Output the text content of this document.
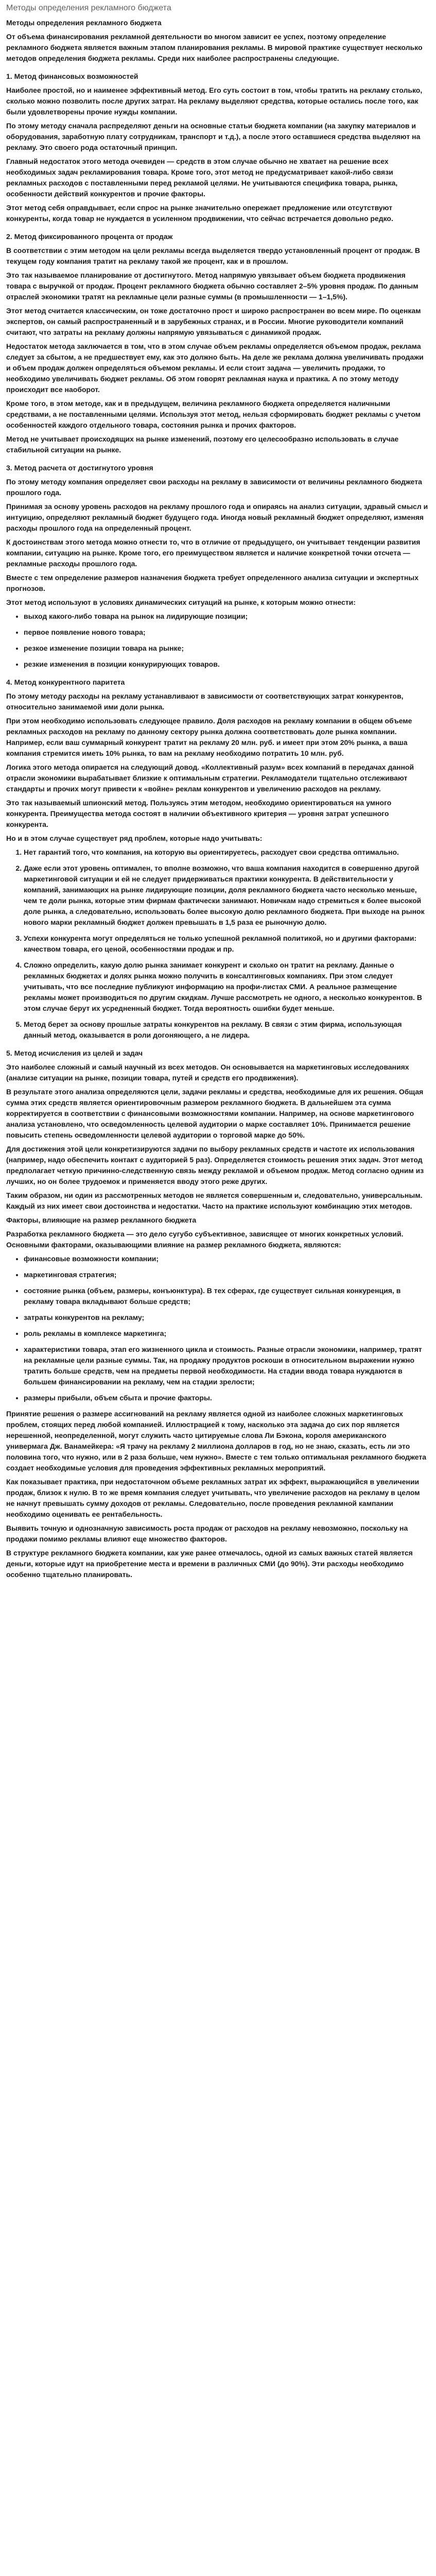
Методы определения рекламного бюджета
Методы определения рекламного бюджета
От объема финансирования рекламной деятельности во многом зависит ее успех, поэтому определение рекламного бюджета является важным этапом планирования рекламы. В мировой практике существует несколько методов определения бюджета рекламы. Среди них наиболее распространены следующие.
1. Метод финансовых возможностей
Наиболее простой, но и наименее эффективный метод. Его суть состоит в том, чтобы тратить на рекламу столько, сколько можно позволить после других затрат. На рекламу выделяют средства, которые остались после того, как были удовлетворены прочие нужды компании.
По этому методу сначала распределяют деньги на основные статьи бюджета компании (на закупку материалов и оборудования, заработную плату сотрудникам, транспорт и т.д.), а после этого оставшиеся средства выделяют на рекламу. Это своего рода остаточный принцип.
Главный недостаток этого метода очевиден — средств в этом случае обычно не хватает на решение всех необходимых задач рекламирования товара. Кроме того, этот метод не предусматривает какой-либо связи рекламных расходов с поставленными перед рекламой целями. Не учитываются специфика товара, рынка, особенности действий конкурентов и прочие факторы.
Этот метод себя оправдывает, если спрос на рынке значительно опережает предложение или отсутствуют конкуренты, когда товар не нуждается в усиленном продвижении, что сейчас встречается довольно редко.
2. Метод фиксированного процента от продаж
В соответствии с этим методом на цели рекламы всегда выделяется твердо установленный процент от продаж. В текущем году компания тратит на рекламу такой же процент, как и в прошлом.
Это так называемое планирование от достигнутого. Метод напрямую увязывает объем бюджета продвижения товара с выручкой от продаж. Процент рекламного бюджета обычно составляет 2–5% уровня продаж. По данным отраслей экономики тратят на рекламные цели разные суммы (в промышленности — 1–1,5%).
Этот метод считается классическим, он тоже достаточно прост и широко распространен во всем мире. По оценкам экспертов, он самый распространенный и в зарубежных странах, и в России. Многие руководители компаний считают, что затраты на рекламу должны напрямую увязываться с динамикой продаж.
Недостаток метода заключается в том, что в этом случае объем рекламы определяется объемом продаж, реклама следует за сбытом, а не предшествует ему, как это должно быть. На деле же реклама должна увеличивать продажи и объем продаж должен определяться объемом рекламы. И если стоит задача — увеличить продажи, то необходимо увеличивать бюджет рекламы. Об этом говорят рекламная наука и практика. А по этому методу происходит все наоборот.
Кроме того, в этом методе, как и в предыдущем, величина рекламного бюджета определяется наличными средствами, а не поставленными целями. Используя этот метод, нельзя сформировать бюджет рекламы с учетом особенностей каждого отдельного товара, состояния рынка и прочих факторов.
Метод не учитывает происходящих на рынке изменений, поэтому его целесообразно использовать в случае стабильной ситуации на рынке.
3. Метод расчета от достигнутого уровня
По этому методу компания определяет свои расходы на рекламу в зависимости от величины рекламного бюджета прошлого года.
Принимая за основу уровень расходов на рекламу прошлого года и опираясь на анализ ситуации, здравый смысл и интуицию, определяют рекламный бюджет будущего года. Иногда новый рекламный бюджет определяют, изменяя расходы прошлого года на определенный процент.
К достоинствам этого метода можно отнести то, что в отличие от предыдущего, он учитывает тенденции развития компании, ситуацию на рынке. Кроме того, его преимуществом является и наличие конкретной точки отсчета — рекламные расходы прошлого года.
Вместе с тем определение размеров назначения бюджета требует определенного анализа ситуации и экспертных прогнозов.
Этот метод используют в условиях динамических ситуаций на рынке, к которым можно отнести:
• выход какого-либо товара на рынок на лидирующие позиции;
• первое появление нового товара;
• резкое изменение позиции товара на рынке;
• резкие изменения в позиции конкурирующих товаров.
4. Метод конкурентного паритета
По этому методу расходы на рекламу устанавливают в зависимости от соответствующих затрат конкурентов, относительно занимаемой ими доли рынка.
При этом необходимо использовать следующее правило. Доля расходов на рекламу компании в общем объеме рекламных расходов на рекламу по данному сектору рынка должна соответствовать доле рынка компании. Например, если ваш суммарный конкурент тратит на рекламу 20 млн. руб. и имеет при этом 20% рынка, а ваша компания стремится иметь 10% рынка, то вам на рекламу необходимо потратить 10 млн. руб.
Логика этого метода опирается на следующий довод. «Коллективный разум» всех компаний в передачах данной отрасли экономики вырабатывает близкие к оптимальным стратегии. Рекламодатели тщательно отслеживают стандарты и прочих могут привести к «войне» реклам конкурентов и увеличению расходов на рекламу.
Это так называемый шпионский метод. Пользуясь этим методом, необходимо ориентироваться на умного конкурента. Преимущества метода состоят в наличии объективного критерия — уровня затрат успешного конкурента.
Но и в этом случае существует ряд проблем, которые надо учитывать:
1. Нет гарантий того, что компания, на которую вы ориентируетесь, расходует свои средства оптимально.
2. Даже если этот уровень оптимален, то вполне возможно, что ваша компания находится в совершенно другой маркетинговой ситуации и ей не следует придерживаться практики конкурента. В действительности у компаний, занимающих на рынке лидирующие позиции, доля рекламного бюджета часто несколько меньше, чем те доли рынка, которые этим фирмам фактически занимают. Новичкам надо стремиться к более высокой доле рынка, а следовательно, использовать более высокую долю рекламного бюджета. При выходе на рынок нового марки рекламный бюджет должен превышать в 1,5 раза ее рыночную долю.
3. Успехи конкурента могут определяться не только успешной рекламной политикой, но и другими факторами: качеством товара, его ценой, особенностями продаж и пр.
4. Сложно определить, какую долю рынка занимает конкурент и сколько он тратит на рекламу. Данные о рекламных бюджетах и долях рынка можно получить в консалтинговых компаниях. При этом следует учитывать, что все последние публикуют информацию на профи-листах СМИ. А реальное размещение рекламы может производиться по другим скидкам. Лучше рассмотреть не одного, а несколько конкурентов. В этом случае берут их усредненный бюджет. Тогда вероятность ошибки будет меньше.
5. Метод берет за основу прошлые затраты конкурентов на рекламу. В связи с этим фирма, использующая данный метод, оказывается в роли догоняющего, а не лидера.
5. Метод исчисления из целей и задач
Это наиболее сложный и самый научный из всех методов. Он основывается на маркетинговых исследованиях (анализе ситуации на рынке, позиции товара, путей и средств его продвижения).
В результате этого анализа определяются цели, задачи рекламы и средства, необходимые для их решения. Общая сумма этих средств является ориентировочным размером рекламного бюджета. В дальнейшем эта сумма корректируется в соответствии с финансовыми возможностями компании. Например, на основе маркетингового анализа установлено, что осведомленность целевой аудитории о марке составляет 10%. Принимается решение повысить степень осведомленности целевой аудитории о торговой марке до 50%.
Для достижения этой цели конкретизируются задачи по выбору рекламных средств и частоте их использования (например, надо обеспечить контакт с аудиторией 5 раз). Определяется стоимость решения этих задач. Этот метод предполагает четкую причинно-следственную связь между рекламой и объемом продаж. Метод согласно одним из лучших, но он более трудоемок и применяется вводу этого реже других.
Таким образом, ни один из рассмотренных методов не является совершенным и, следовательно, универсальным. Каждый из них имеет свои достоинства и недостатки. Часто на практике используют комбинацию этих методов.
Факторы, влияющие на размер рекламного бюджета
Разработка рекламного бюджета — это дело сугубо субъективное, зависящее от многих конкретных условий. Основными факторами, оказывающими влияние на размер рекламного бюджета, являются:
• финансовые возможности компании;
• маркетинговая стратегия;
• состояние рынка (объем, размеры, конъюнктура). В тех сферах, где существует сильная конкуренция, в рекламу товара вкладывают больше средств;
• затраты конкурентов на рекламу;
• роль рекламы в комплексе маркетинга;
• характеристики товара, этап его жизненного цикла и стоимость. Разные отрасли экономики, например, тратят на рекламные цели разные суммы. Так, на продажу продуктов роскоши в относительном выражении нужно тратить больше средств, чем на предметы первой необходимости. На стадии ввода товара нуждаются в большем финансировании на рекламу, чем на стадии зрелости;
• размеры прибыли, объем сбыта и прочие факторы.
Принятие решения о размере ассигнований на рекламу является одной из наиболее сложных маркетинговых проблем, стоящих перед любой компанией. Иллюстрацией к тому, насколько эта задача до сих пор является нерешенной, неопределенной, могут служить часто цитируемые слова Ли Бэкона, короля американского универмага Дж. Ванамейкера: «Я трачу на рекламу 2 миллиона долларов в год, но не знаю, сказать, есть ли это половина того, что нужно, или в 2 раза больше, чем нужно». Вместе с тем только оптимальная рекламного бюджета создает необходимые условия для проведения эффективных рекламных мероприятий.
Как показывает практика, при недостаточном объеме рекламных затрат их эффект, выражающийся в увеличении продаж, близок к нулю. В то же время компания следует учитывать, что увеличение расходов на рекламу в целом не начнут превышать сумму доходов от рекламы. Следовательно, после проведения рекламной кампании необходимо оценивать ее рентабельность.
Выявить точную и однозначную зависимость роста продаж от расходов на рекламу невозможно, поскольку на продажи помимо рекламы влияют еще множество факторов.
В структуре рекламного бюджета компании, как уже ранее отмечалось, одной из самых важных статей является деньги, которые идут на приобретение места и времени в различных СМИ (до 90%). Эти расходы необходимо особенно тщательно планировать.
